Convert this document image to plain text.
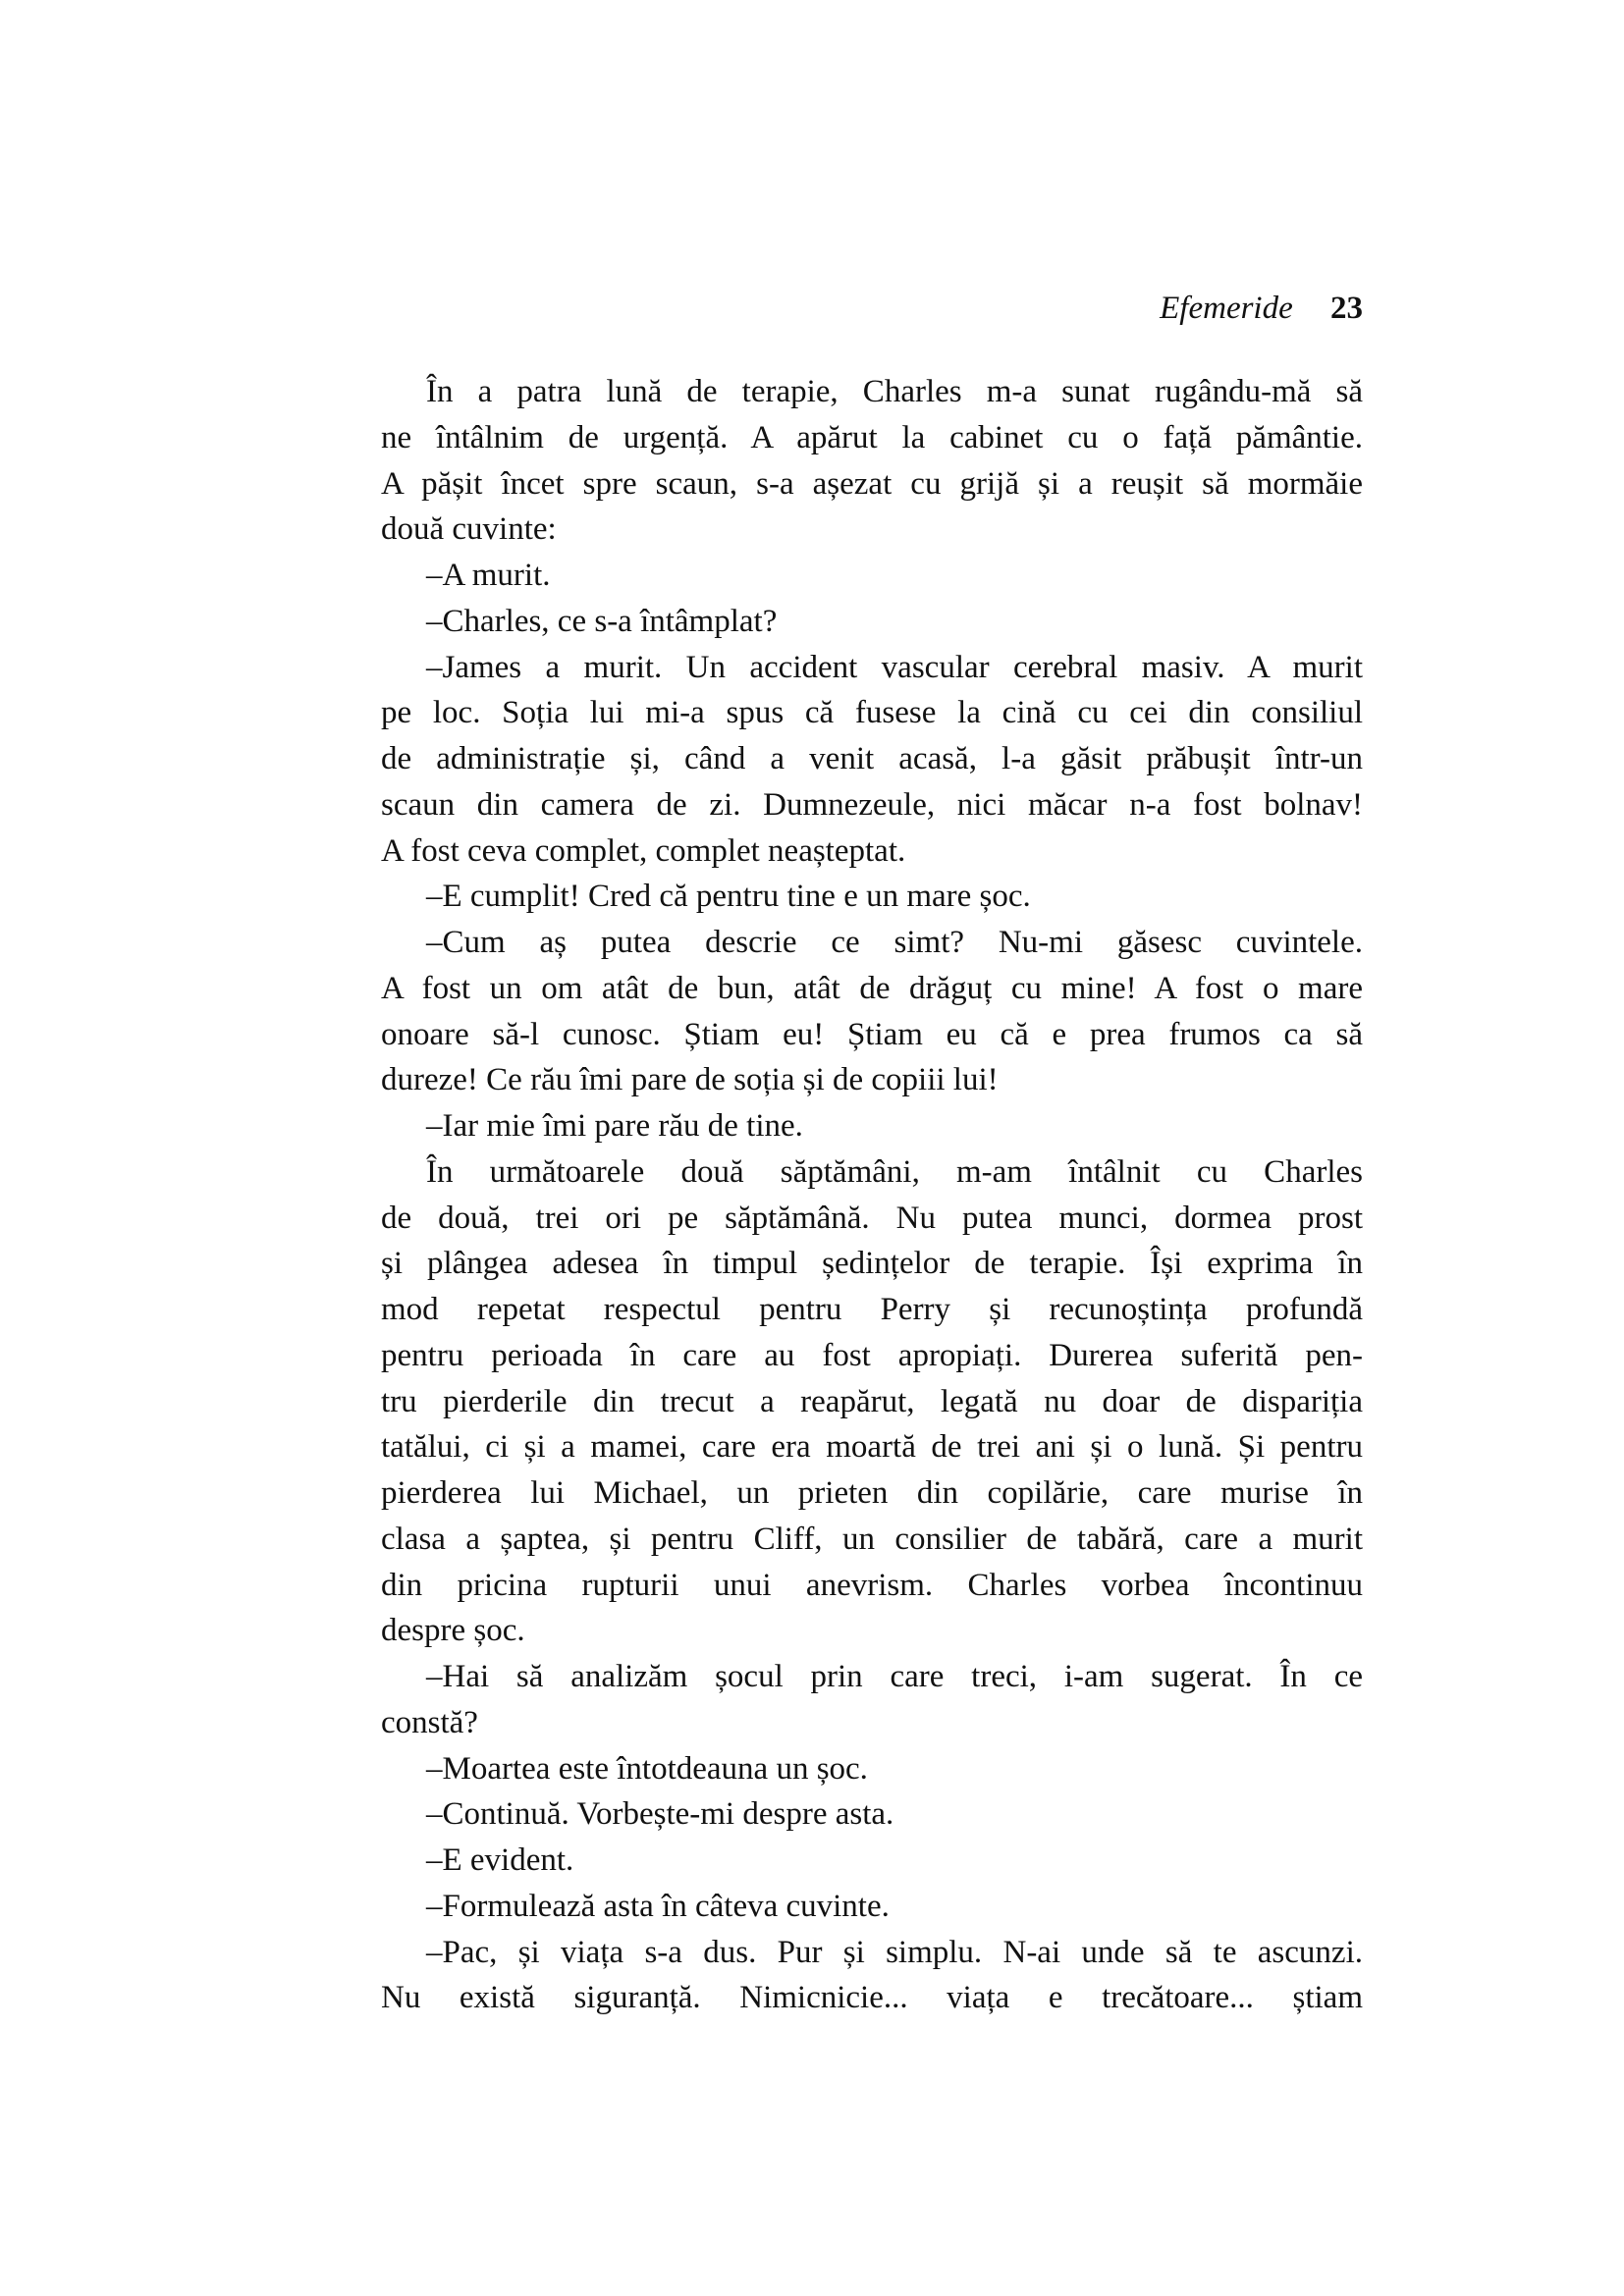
Efemeride 23
În a patra lună de terapie, Charles m-a sunat rugându-mă să
ne întâlnim de urgență. A apărut la cabinet cu o față pământie.
A pășit încet spre scaun, s-a așezat cu grijă și a reușit să mormăie
două cuvinte:
–A murit.
–Charles, ce s-a întâmplat?
–James a murit. Un accident vascular cerebral masiv. A murit
pe loc. Soția lui mi-a spus că fusese la cină cu cei din consiliul
de administrație și, când a venit acasă, l-a găsit prăbușit într-un
scaun din camera de zi. Dumnezeule, nici măcar n-a fost bolnav!
A fost ceva complet, complet neașteptat.
–E cumplit! Cred că pentru tine e un mare șoc.
–Cum aș putea descrie ce simt? Nu-mi găsesc cuvintele.
A fost un om atât de bun, atât de drăguț cu mine! A fost o mare
onoare să-l cunosc. Știam eu! Știam eu că e prea frumos ca să
dureze! Ce rău îmi pare de soția și de copiii lui!
–Iar mie îmi pare rău de tine.
În următoarele două săptămâni, m-am întâlnit cu Charles
de două, trei ori pe săptămână. Nu putea munci, dormea prost
și plângea adesea în timpul ședințelor de terapie. Își exprima în
mod repetat respectul pentru Perry și recunoștința profundă
pentru perioada în care au fost apropiați. Durerea suferită pen-
tru pierderile din trecut a reapărut, legată nu doar de dispariția
tatălui, ci și a mamei, care era moartă de trei ani și o lună. Și pentru
pierderea lui Michael, un prieten din copilărie, care murise în
clasa a șaptea, și pentru Cliff, un consilier de tabără, care a murit
din pricina rupturii unui anevrism. Charles vorbea încontinuu
despre șoc.
–Hai să analizăm șocul prin care treci, i-am sugerat. În ce
constă?
–Moartea este întotdeauna un șoc.
–Continuă. Vorbește-mi despre asta.
–E evident.
–Formulează asta în câteva cuvinte.
–Pac, și viața s-a dus. Pur și simplu. N-ai unde să te ascunzi.
Nu există siguranță. Nimicnicie... viața e trecătoare... știam
